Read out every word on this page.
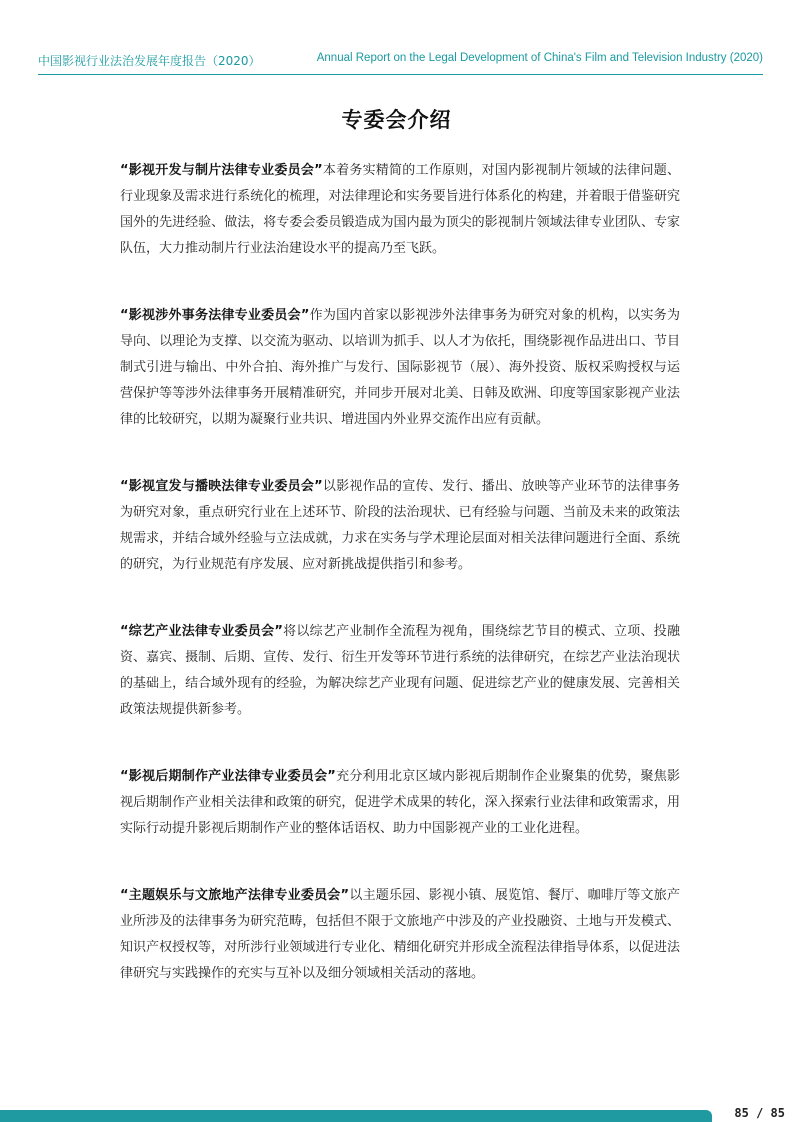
中国影视行业法治发展年度报告（2020）	Annual Report on the Legal Development of China's Film and Television Industry (2020)
专委会介绍

“影视开发与制片法律专业委员会”本着务实精简的工作原则，对国内影视制片领域的法律问题、行业现象及需求进行系统化的梳理，对法律理论和实务要旨进行体系化的构建，并着眼于借鉴研究国外的先进经验、做法，将专委会委员锻造成为国内最为顶尖的影视制片领域法律专业团队、专家队伍，大力推动制片行业法治建设水平的提高乃至飞跃。

“影视涉外事务法律专业委员会”作为国内首家以影视涉外法律事务为研究对象的机构，以实务为导向、以理论为支撑、以交流为驱动、以培训为抓手、以人才为依托，围绕影视作品进出口、节目制式引进与输出、中外合拍、海外推广与发行、国际影视节（展）、海外投资、版权采购授权与运营保护等等涉外法律事务开展精准研究，并同步开展对北美、日韩及欧洲、印度等国家影视产业法律的比较研究，以期为凝聚行业共识、增进国内外业界交流作出应有贡献。

“影视宣发与播映法律专业委员会”以影视作品的宣传、发行、播出、放映等产业环节的法律事务为研究对象，重点研究行业在上述环节、阶段的法治现状、已有经验与问题、当前及未来的政策法规需求，并结合域外经验与立法成就，力求在实务与学术理论层面对相关法律问题进行全面、系统的研究，为行业规范有序发展、应对新挑战提供指引和参考。

“综艺产业法律专业委员会”将以综艺产业制作全流程为视角，围绕综艺节目的模式、立项、投融资、嘉宾、摄制、后期、宣传、发行、衍生开发等环节进行系统的法律研究，在综艺产业法治现状的基础上，结合域外现有的经验，为解决综艺产业现有问题、促进综艺产业的健康发展、完善相关政策法规提供新参考。

“影视后期制作产业法律专业委员会”充分利用北京区域内影视后期制作企业聚集的优势，聚焦影视后期制作产业相关法律和政策的研究，促进学术成果的转化，深入探索行业法律和政策需求，用实际行动提升影视后期制作产业的整体话语权、助力中国影视产业的工业化进程。

“主题娱乐与文旅地产法律专业委员会”以主题乐园、影视小镇、展览馆、餐厅、咖啡厅等文旅产业所涉及的法律事务为研究范畴，包括但不限于文旅地产中涉及的产业投融资、土地与开发模式、知识产权授权等，对所涉行业领域进行专业化、精细化研究并形成全流程法律指导体系，以促进法律研究与实践操作的充实与互补以及细分领域相关活动的落地。

85 / 85
